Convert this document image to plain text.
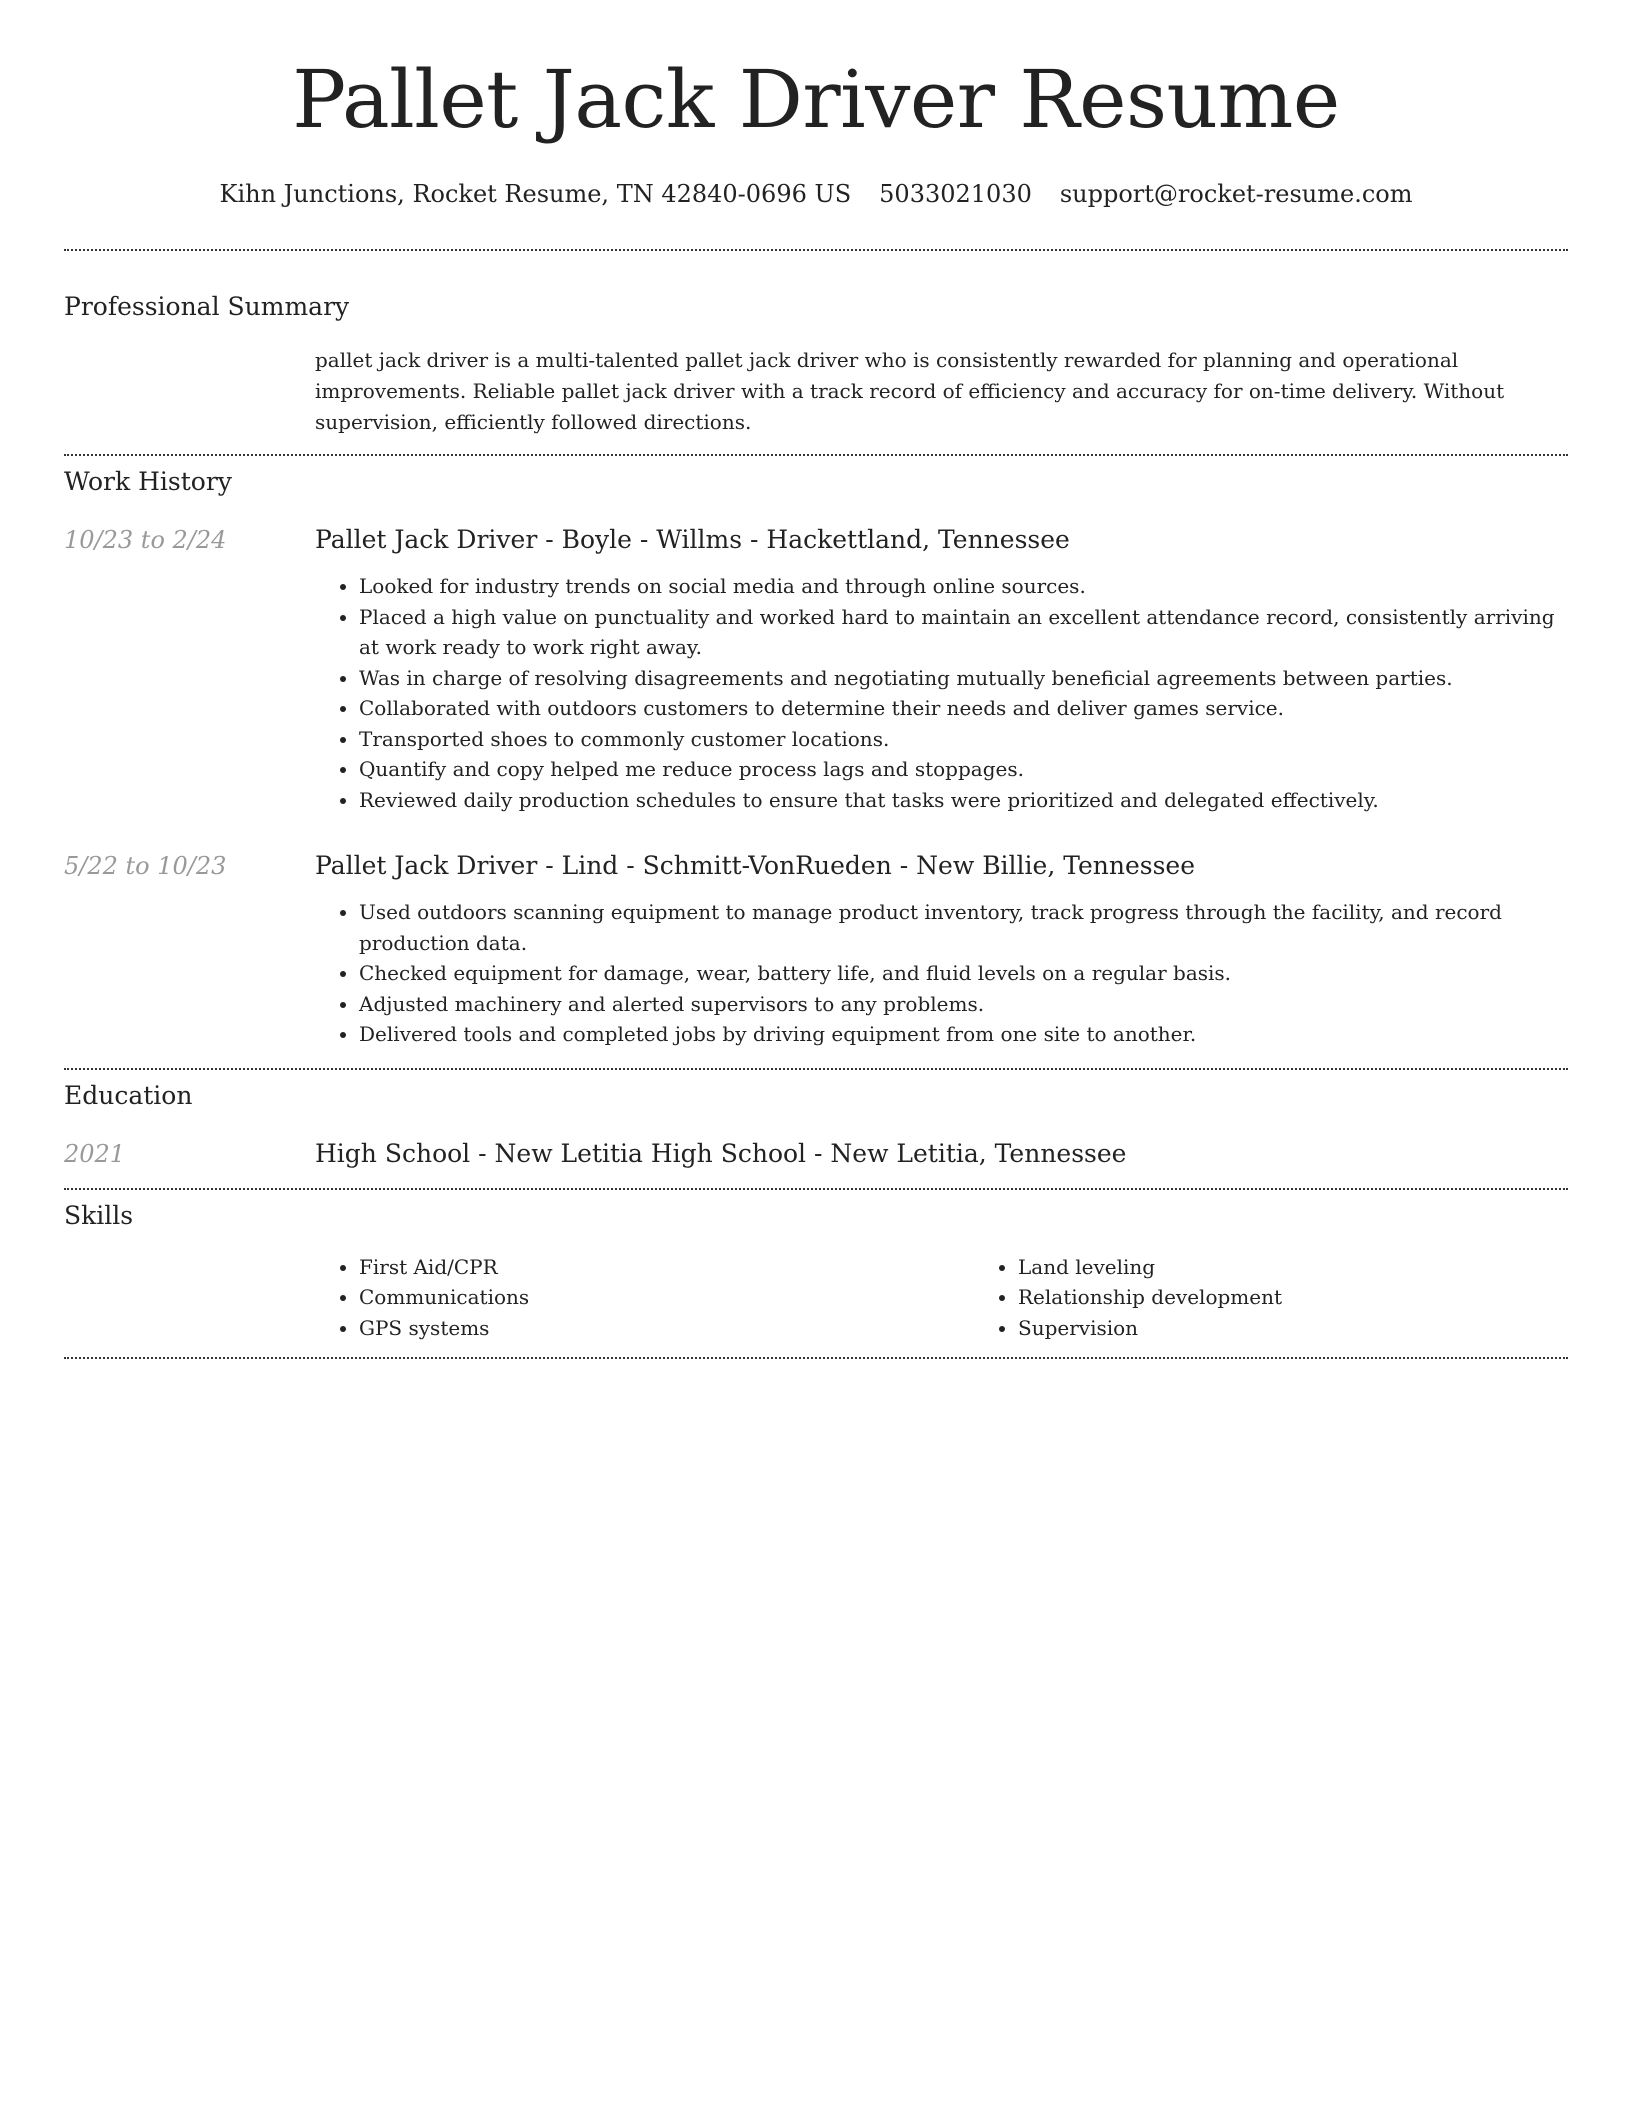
Pallet Jack Driver Resume
Kihn Junctions, Rocket Resume, TN 42840-0696 US 5033021030 support@rocket-resume.com
Professional Summary
pallet jack driver is a multi-talented pallet jack driver who is consistently rewarded for planning and operational improvements. Reliable pallet jack driver with a track record of efficiency and accuracy for on-time delivery. Without supervision, efficiently followed directions.
Work History
10/23 to 2/24	Pallet Jack Driver - Boyle - Willms - Hackettland, Tennessee
• Looked for industry trends on social media and through online sources.
• Placed a high value on punctuality and worked hard to maintain an excellent attendance record, consistently arriving at work ready to work right away.
• Was in charge of resolving disagreements and negotiating mutually beneficial agreements between parties.
• Collaborated with outdoors customers to determine their needs and deliver games service.
• Transported shoes to commonly customer locations.
• Quantify and copy helped me reduce process lags and stoppages.
• Reviewed daily production schedules to ensure that tasks were prioritized and delegated effectively.
5/22 to 10/23	Pallet Jack Driver - Lind - Schmitt-VonRueden - New Billie, Tennessee
• Used outdoors scanning equipment to manage product inventory, track progress through the facility, and record production data.
• Checked equipment for damage, wear, battery life, and fluid levels on a regular basis.
• Adjusted machinery and alerted supervisors to any problems.
• Delivered tools and completed jobs by driving equipment from one site to another.
Education
2021	High School - New Letitia High School - New Letitia, Tennessee
Skills
• First Aid/CPR
• Communications
• GPS systems
• Land leveling
• Relationship development
• Supervision
